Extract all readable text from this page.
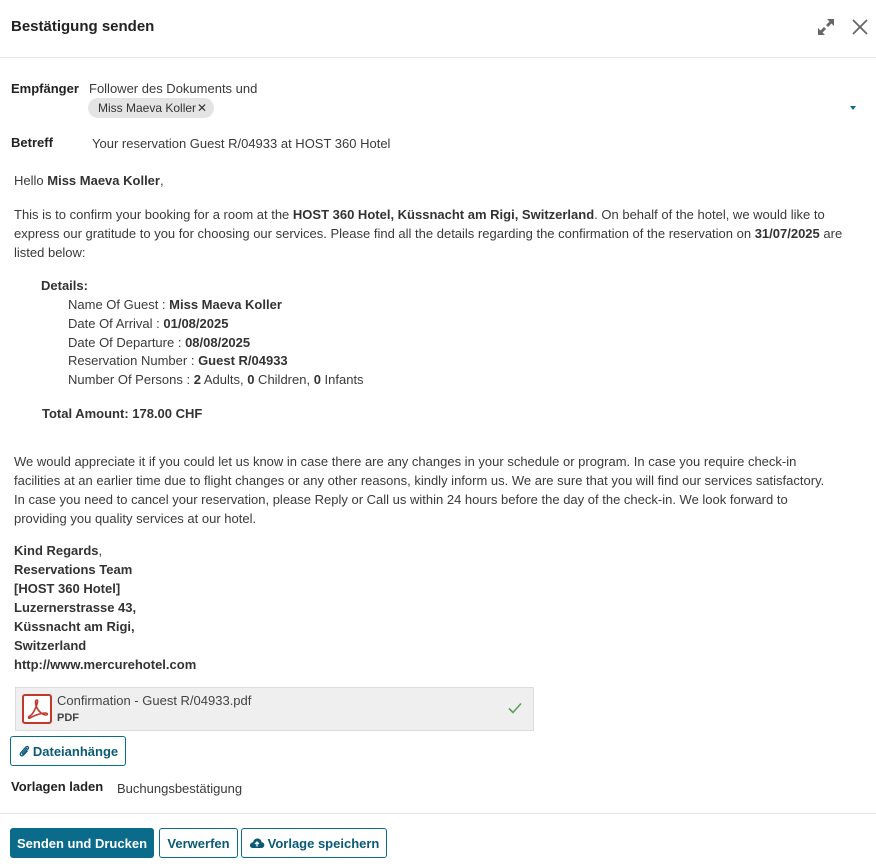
Bestätigung senden
Empfänger Follower des Dokuments und
Miss Maeva Koller ✕
Betreff	Your reservation Guest R/04933 at HOST 360 Hotel
Hello Miss Maeva Koller,
This is to confirm your booking for a room at the HOST 360 Hotel, Küssnacht am Rigi, Switzerland. On behalf of the hotel, we would like to express our gratitude to you for choosing our services. Please find all the details regarding the confirmation of the reservation on 31/07/2025 are listed below:
Details:
Name Of Guest : Miss Maeva Koller
Date Of Arrival : 01/08/2025
Date Of Departure : 08/08/2025
Reservation Number : Guest R/04933
Number Of Persons : 2 Adults, 0 Children, 0 Infants
Total Amount: 178.00 CHF
We would appreciate it if you could let us know in case there are any changes in your schedule or program. In case you require check-in facilities at an earlier time due to flight changes or any other reasons, kindly inform us. We are sure that you will find our services satisfactory. In case you need to cancel your reservation, please Reply or Call us within 24 hours before the day of the check-in. We look forward to providing you quality services at our hotel.
Kind Regards,
Reservations Team
[HOST 360 Hotel]
Luzernerstrasse 43,
Küssnacht am Rigi,
Switzerland
http://www.mercurehotel.com
Confirmation - Guest R/04933.pdf
PDF
Dateianhänge
Vorlagen laden Buchungsbestätigung
Senden und Drucken	Verwerfen	Vorlage speichern
